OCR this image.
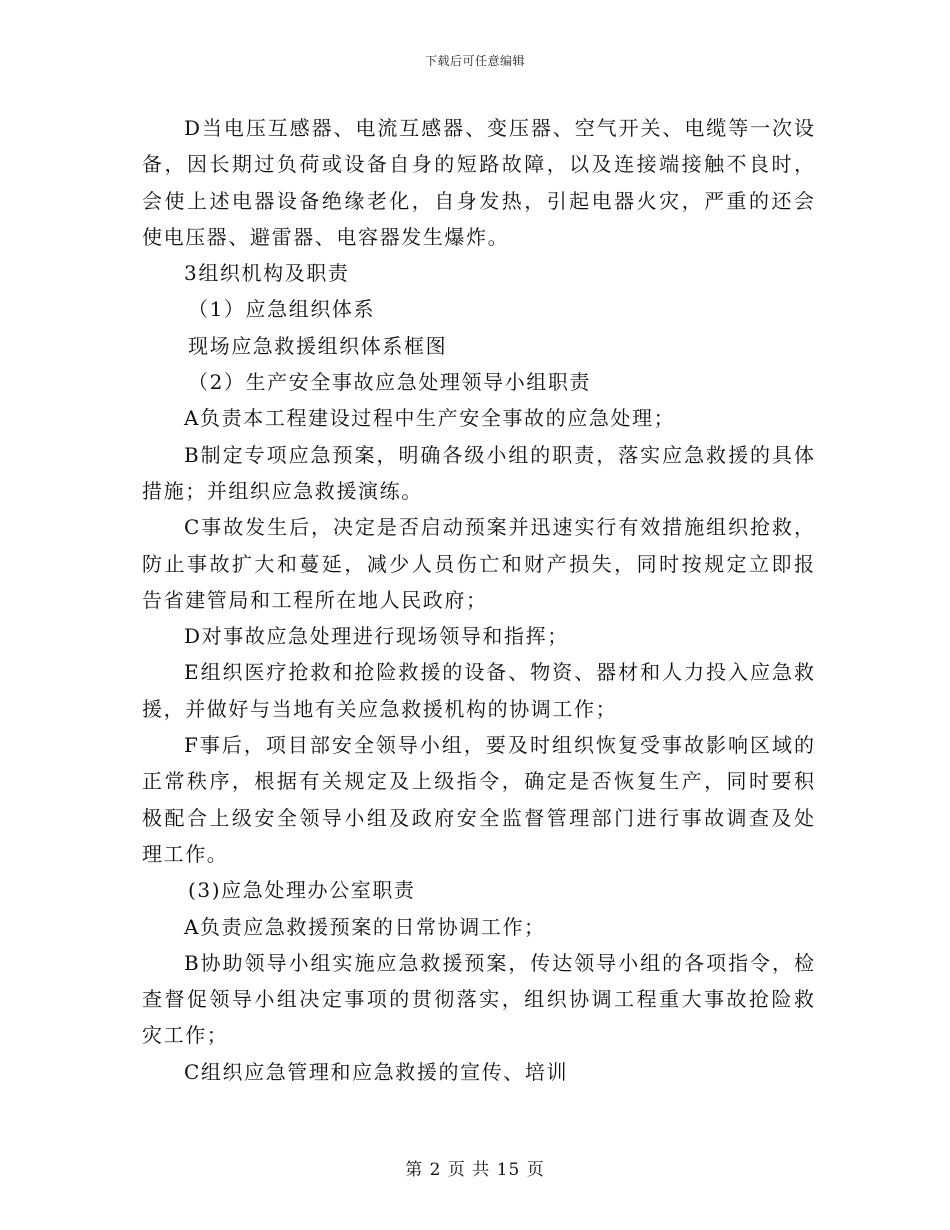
下载后可任意编辑
D当电压互感器、电流互感器、变压器、空气开关、电缆等一次设
备，因长期过负荷或设备自身的短路故障，以及连接端接触不良时，
会使上述电器设备绝缘老化，自身发热，引起电器火灾，严重的还会
使电压器、避雷器、电容器发生爆炸。
3组织机构及职责
（1）应急组织体系
现场应急救援组织体系框图
（2）生产安全事故应急处理领导小组职责
A负责本工程建设过程中生产安全事故的应急处理；
B制定专项应急预案，明确各级小组的职责，落实应急救援的具体
措施；并组织应急救援演练。
C事故发生后，决定是否启动预案并迅速实行有效措施组织抢救，
防止事故扩大和蔓延，减少人员伤亡和财产损失，同时按规定立即报
告省建管局和工程所在地人民政府；
D对事故应急处理进行现场领导和指挥；
E组织医疗抢救和抢险救援的设备、物资、器材和人力投入应急救
援，并做好与当地有关应急救援机构的协调工作；
F事后，项目部安全领导小组，要及时组织恢复受事故影响区域的
正常秩序，根据有关规定及上级指令，确定是否恢复生产，同时要积
极配合上级安全领导小组及政府安全监督管理部门进行事故调查及处
理工作。
(3)应急处理办公室职责
A负责应急救援预案的日常协调工作；
B协助领导小组实施应急救援预案，传达领导小组的各项指令，检
查督促领导小组决定事项的贯彻落实，组织协调工程重大事故抢险救
灾工作；
C组织应急管理和应急救援的宣传、培训
第 2 页 共 15 页
